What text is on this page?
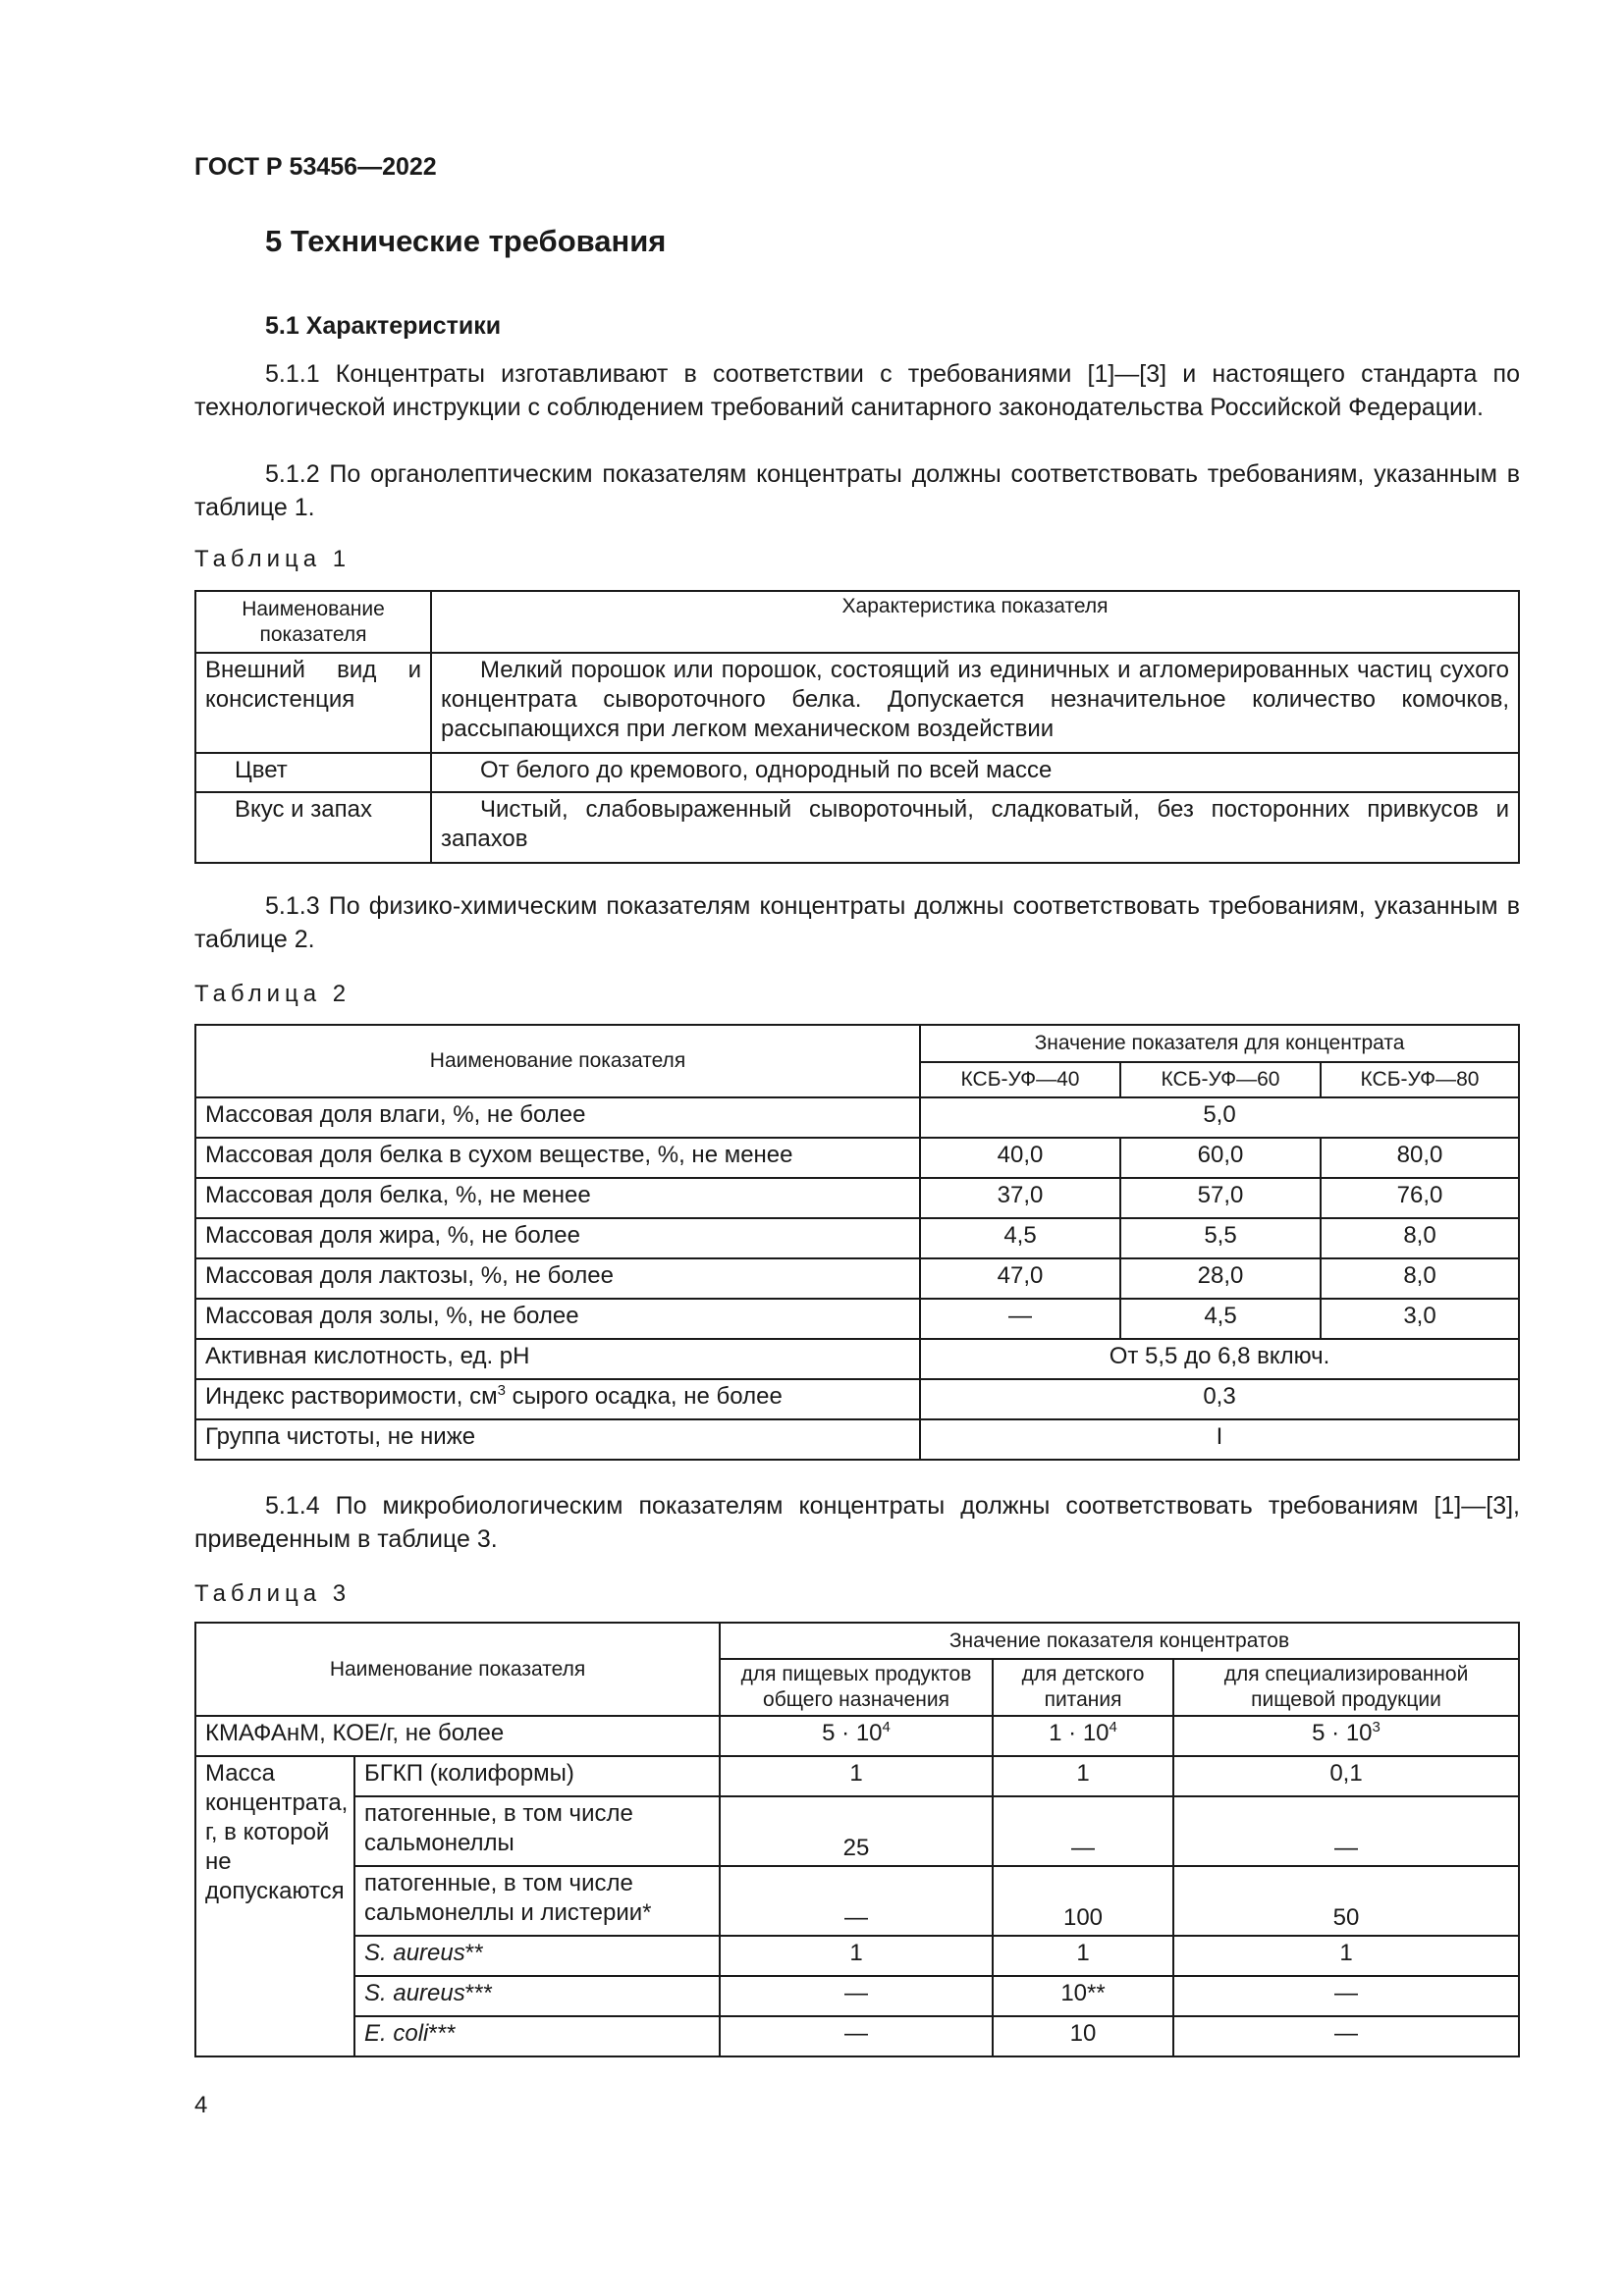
ГОСТ Р 53456—2022
5 Технические требования
5.1 Характеристики

5.1.1 Концентраты изготавливают в соответствии с требованиями [1]—[3] и настоящего стандарта по технологической инструкции с соблюдением требований санитарного законодательства Российской Федерации.

5.1.2 По органолептическим показателям концентраты должны соответствовать требованиям, указанным в таблице 1.

Таблица 1
Наименование показателя	Характеристика показателя
Внешний вид и консистенция	Мелкий порошок или порошок, состоящий из единичных и агломерированных частиц сухого концентрата сывороточного белка. Допускается незначительное количество комочков, рассыпающихся при легком механическом воздействии
Цвет	От белого до кремового, однородный по всей массе
Вкус и запах	Чистый, слабовыраженный сывороточный, сладковатый, без посторонних привкусов и запахов

5.1.3 По физико-химическим показателям концентраты должны соответствовать требованиям, указанным в таблице 2.

Таблица 2
Наименование показателя	Значение показателя для концентрата		
	КСБ-УФ—40	КСБ-УФ—60	КСБ-УФ—80
Массовая доля влаги, %, не более	5,0		
Массовая доля белка в сухом веществе, %, не менее	40,0	60,0	80,0
Массовая доля белка, %, не менее	37,0	57,0	76,0
Массовая доля жира, %, не более	4,5	5,5	8,0
Массовая доля лактозы, %, не более	47,0	28,0	8,0
Массовая доля золы, %, не более	—	4,5	3,0
Активная кислотность, ед. pH	От 5,5 до 6,8 включ.		
Индекс растворимости, $см^3$ сырого осадка, не более	0,3		
Группа чистоты, не ниже	I		

5.1.4 По микробиологическим показателям концентраты должны соответствовать требованиям [1]—[3], приведенным в таблице 3.

Таблица 3
Наименование показателя		Значение показателя концентратов		
		для пищевых продуктов общего назначения	для детского питания	для специализированной пищевой продукции
КМАФАнМ, КОЕ/г, не более		$5 \cdot 10^4$	$1 \cdot 10^4$	$5 \cdot 10^3$
Масса концентрата, г, в которой не допускаются	БГКП (колиформы)	1	1	0,1
	патогенные, в том числе сальмонеллы	25	—	—
	патогенные, в том числе сальмонеллы и листерии*	—	100	50
	S. aureus**	1	1	1
	S. aureus***	—	10**	—
	E. coli***	—	10	—
4
